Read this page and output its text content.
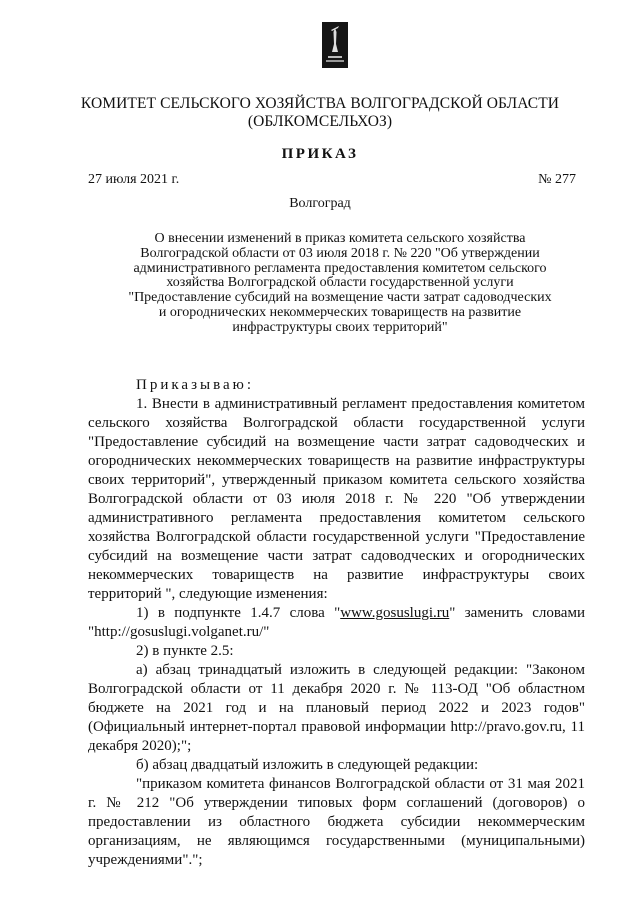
КОМИТЕТ СЕЛЬСКОГО ХОЗЯЙСТВА ВОЛГОГРАДСКОЙ ОБЛАСТИ
(ОБЛКОМСЕЛЬХОЗ)
ПРИКАЗ
27 июля 2021 г.	№ 277
Волгоград
О внесении изменений в приказ комитета сельского хозяйства
Волгоградской области от 03 июля 2018 г. № 220 "Об утверждении
административного регламента предоставления комитетом сельского
хозяйства Волгоградской области государственной услуги
"Предоставление субсидий на возмещение части затрат садоводческих
и огороднических некоммерческих товариществ на развитие
инфраструктуры своих территорий"

Приказываю:

1. Внести в административный регламент предоставления комитетом сельского хозяйства Волгоградской области государственной услуги "Предоставление субсидий на возмещение части затрат садоводческих и огороднических некоммерческих товариществ на развитие инфраструктуры своих территорий", утвержденный приказом комитета сельского хозяйства Волгоградской области от 03 июля 2018 г. № 220 "Об утверждении административного регламента предоставления комитетом сельского хозяйства Волгоградской области государственной услуги "Предоставление субсидий на возмещение части затрат садоводческих и огороднических некоммерческих товариществ на развитие инфраструктуры своих территорий ", следующие изменения:

1) в подпункте 1.4.7 слова "www.gosuslugi.ru" заменить словами "http://gosuslugi.volganet.ru/"

2) в пункте 2.5:

а) абзац тринадцатый изложить в следующей редакции: "Законом Волгоградской области от 11 декабря 2020 г. № 113-ОД "Об областном бюджете на 2021 год и на плановый период 2022 и 2023 годов" (Официальный интернет-портал правовой информации http://pravo.gov.ru, 11 декабря 2020);";

б) абзац двадцатый изложить в следующей редакции:

"приказом комитета финансов Волгоградской области от 31 мая 2021 г. № 212 "Об утверждении типовых форм соглашений (договоров) о предоставлении из областного бюджета субсидии некоммерческим организациям, не являющимся государственными (муниципальными) учреждениями".";
